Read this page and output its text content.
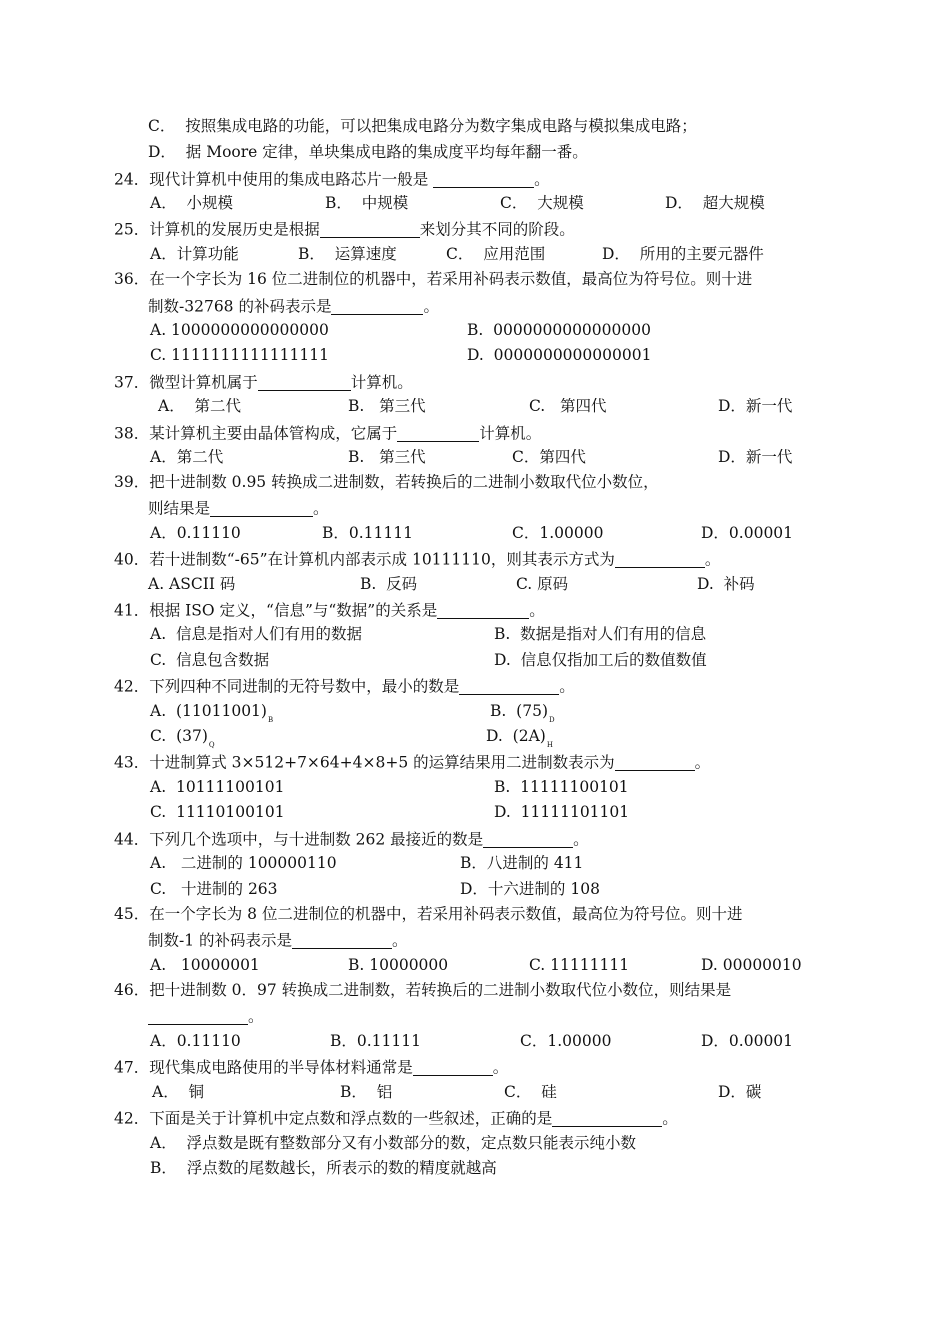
C．  按照集成电路的功能，可以把集成电路分为数字集成电路与模拟集成电路；
D．  据 Moore 定律，单块集成电路的集成度平均每年翻一番。
24．现代计算机中使用的集成电路芯片一般是	。
A．  小规模	B．  中规模	C．  大规模	D．  超大规模
25．计算机的发展历史是根据	来划分其不同的阶段。
A．计算功能	B．  运算速度	C．  应用范围	D．  所用的主要元器件
36．在一个字长为 16 位二进制位的机器中，若采用补码表示数值，最高位为符号位。则十进
制数-32768 的补码表示是	。
A. 1000000000000000	B.  0000000000000000
C. 1111111111111111	D.  0000000000000001
37．微型计算机属于	计算机。
A．  第二代	B.   第三代	C.   第四代	D．新一代
38．某计算机主要由晶体管构成，它属于	计算机。
A．第二代	B.   第三代	C．第四代	D．新一代
39．把十进制数 0.95 转换成二进制数，若转换后的二进制小数取代位小数位，
则结果是	。
A．0.11110	B．0.11111	C．1.00000	D．0.00001
40．若十进制数“-65”在计算机内部表示成 10111110，则其表示方式为	。
A. ASCII 码	B.  反码	C. 原码	D.  补码
41．根据 ISO 定义，“信息”与“数据”的关系是	。
A.  信息是指对人们有用的数据	B.  数据是指对人们有用的信息
C.  信息包含数据	D.  信息仅指加工后的数值数值
42．下列四种不同进制的无符号数中，最小的数是	。
A.  $(11011001)_B$	B.  $(75)_D$
C.  $(37)_Q$	D.  $(2A)_H$
43．十进制算式 3×512+7×64+4×8+5 的运算结果用二进制数表示为	。
A.  10111100101	B.  11111100101
C.  11110100101	D.  11111101101
44．下列几个选项中，与十进制数 262 最接近的数是	。
A.   二进制的 100000110	B．八进制的 411
C.   十进制的 263	D．十六进制的 108
45．在一个字长为 8 位二进制位的机器中，若采用补码表示数值，最高位为符号位。则十进
制数-1 的补码表示是	。
A.   10000001	B. 10000000	C. 11111111	D. 00000010
46．把十进制数 0．97 转换成二进制数，若转换后的二进制小数取代位小数位，则结果是
。
A．0.11110	B．0.11111	C．1.00000	D．0.00001
47．现代集成电路使用的半导体材料通常是	。
A．  铜	B．  铝	C．  硅	D．碳
42．下面是关于计算机中定点数和浮点数的一些叙述，正确的是	。
A．  浮点数是既有整数部分又有小数部分的数，定点数只能表示纯小数
B．  浮点数的尾数越长，所表示的数的精度就越高
